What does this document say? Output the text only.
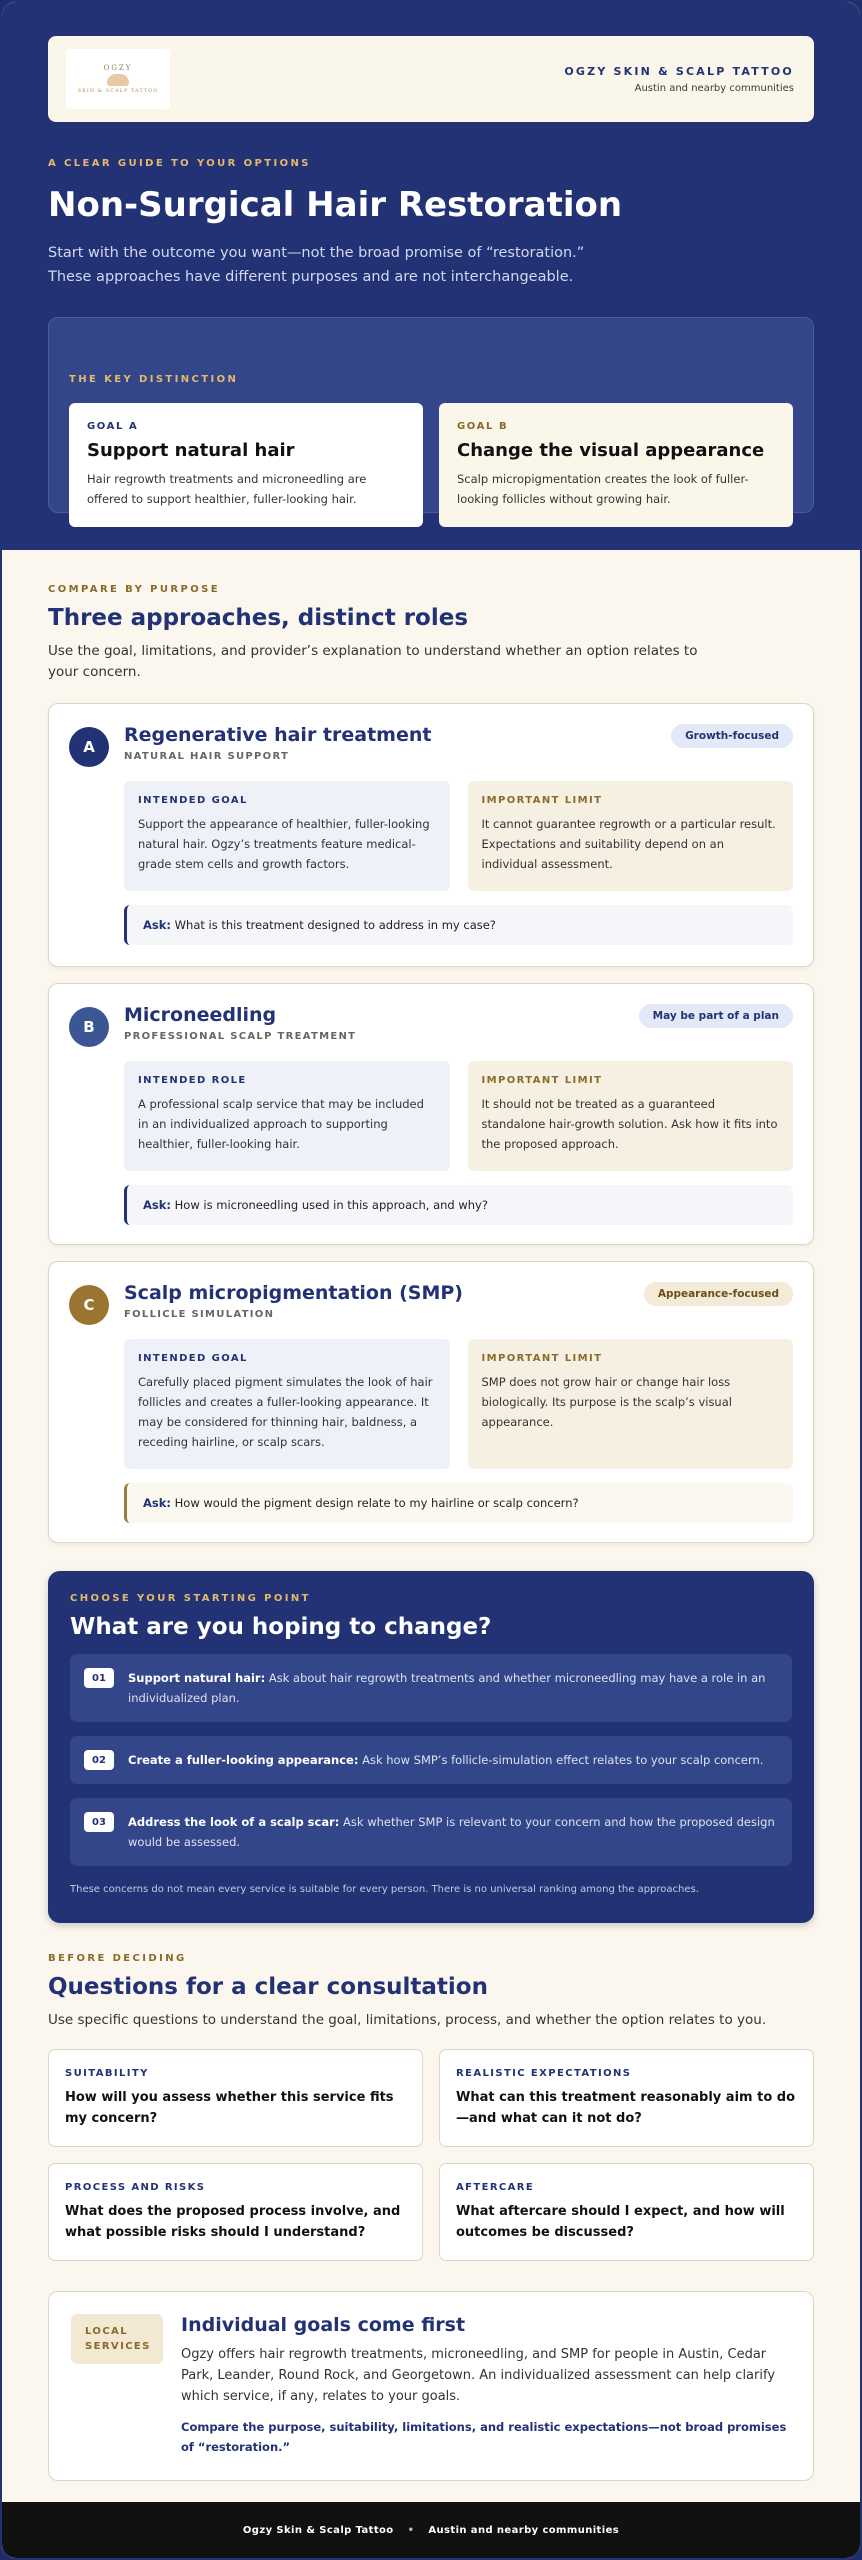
OGZY
SKIN & SCALP TATTOO
OGZY SKIN & SCALP TATTOO
Austin and nearby communities
A CLEAR GUIDE TO YOUR OPTIONS
Non-Surgical Hair Restoration
Start with the outcome you want—not the broad promise of “restoration.”
These approaches have different purposes and are not interchangeable.
THE KEY DISTINCTION
GOAL A
Support natural hair
Hair regrowth treatments and microneedling are offered to support healthier, fuller-looking hair.
GOAL B
Change the visual appearance
Scalp micropigmentation creates the look of fuller-looking follicles without growing hair.
COMPARE BY PURPOSE
Three approaches, distinct roles
Use the goal, limitations, and provider’s explanation to understand whether an option relates to your concern.
A
Regenerative hair treatment
NATURAL HAIR SUPPORT
Growth-focused
INTENDED GOAL
Support the appearance of healthier, fuller-looking natural hair. Ogzy’s treatments feature medical-grade stem cells and growth factors.
IMPORTANT LIMIT
It cannot guarantee regrowth or a particular result. Expectations and suitability depend on an individual assessment.
Ask: What is this treatment designed to address in my case?
B
Microneedling
PROFESSIONAL SCALP TREATMENT
May be part of a plan
INTENDED ROLE
A professional scalp service that may be included in an individualized approach to supporting healthier, fuller-looking hair.
IMPORTANT LIMIT
It should not be treated as a guaranteed standalone hair-growth solution. Ask how it fits into the proposed approach.
Ask: How is microneedling used in this approach, and why?
C
Scalp micropigmentation (SMP)
FOLLICLE SIMULATION
Appearance-focused
INTENDED GOAL
Carefully placed pigment simulates the look of hair follicles and creates a fuller-looking appearance. It may be considered for thinning hair, baldness, a receding hairline, or scalp scars.
IMPORTANT LIMIT
SMP does not grow hair or change hair loss biologically. Its purpose is the scalp’s visual appearance.
Ask: How would the pigment design relate to my hairline or scalp concern?
CHOOSE YOUR STARTING POINT
What are you hoping to change?
01	Support natural hair: Ask about hair regrowth treatments and whether microneedling may have a role in an individualized plan.
02	Create a fuller-looking appearance: Ask how SMP’s follicle-simulation effect relates to your scalp concern.
03	Address the look of a scalp scar: Ask whether SMP is relevant to your concern and how the proposed design would be assessed.
These concerns do not mean every service is suitable for every person. There is no universal ranking among the approaches.
BEFORE DECIDING
Questions for a clear consultation
Use specific questions to understand the goal, limitations, process, and whether the option relates to you.
SUITABILITY
How will you assess whether this service fits my concern?
REALISTIC EXPECTATIONS
What can this treatment reasonably aim to do—and what can it not do?
PROCESS AND RISKS
What does the proposed process involve, and what possible risks should I understand?
AFTERCARE
What aftercare should I expect, and how will outcomes be discussed?
LOCAL
SERVICES
Individual goals come first
Ogzy offers hair regrowth treatments, microneedling, and SMP for people in Austin, Cedar Park, Leander, Round Rock, and Georgetown. An individualized assessment can help clarify which service, if any, relates to your goals.
Compare the purpose, suitability, limitations, and realistic expectations—not broad promises of “restoration.”
Ogzy Skin & Scalp Tattoo • Austin and nearby communities
